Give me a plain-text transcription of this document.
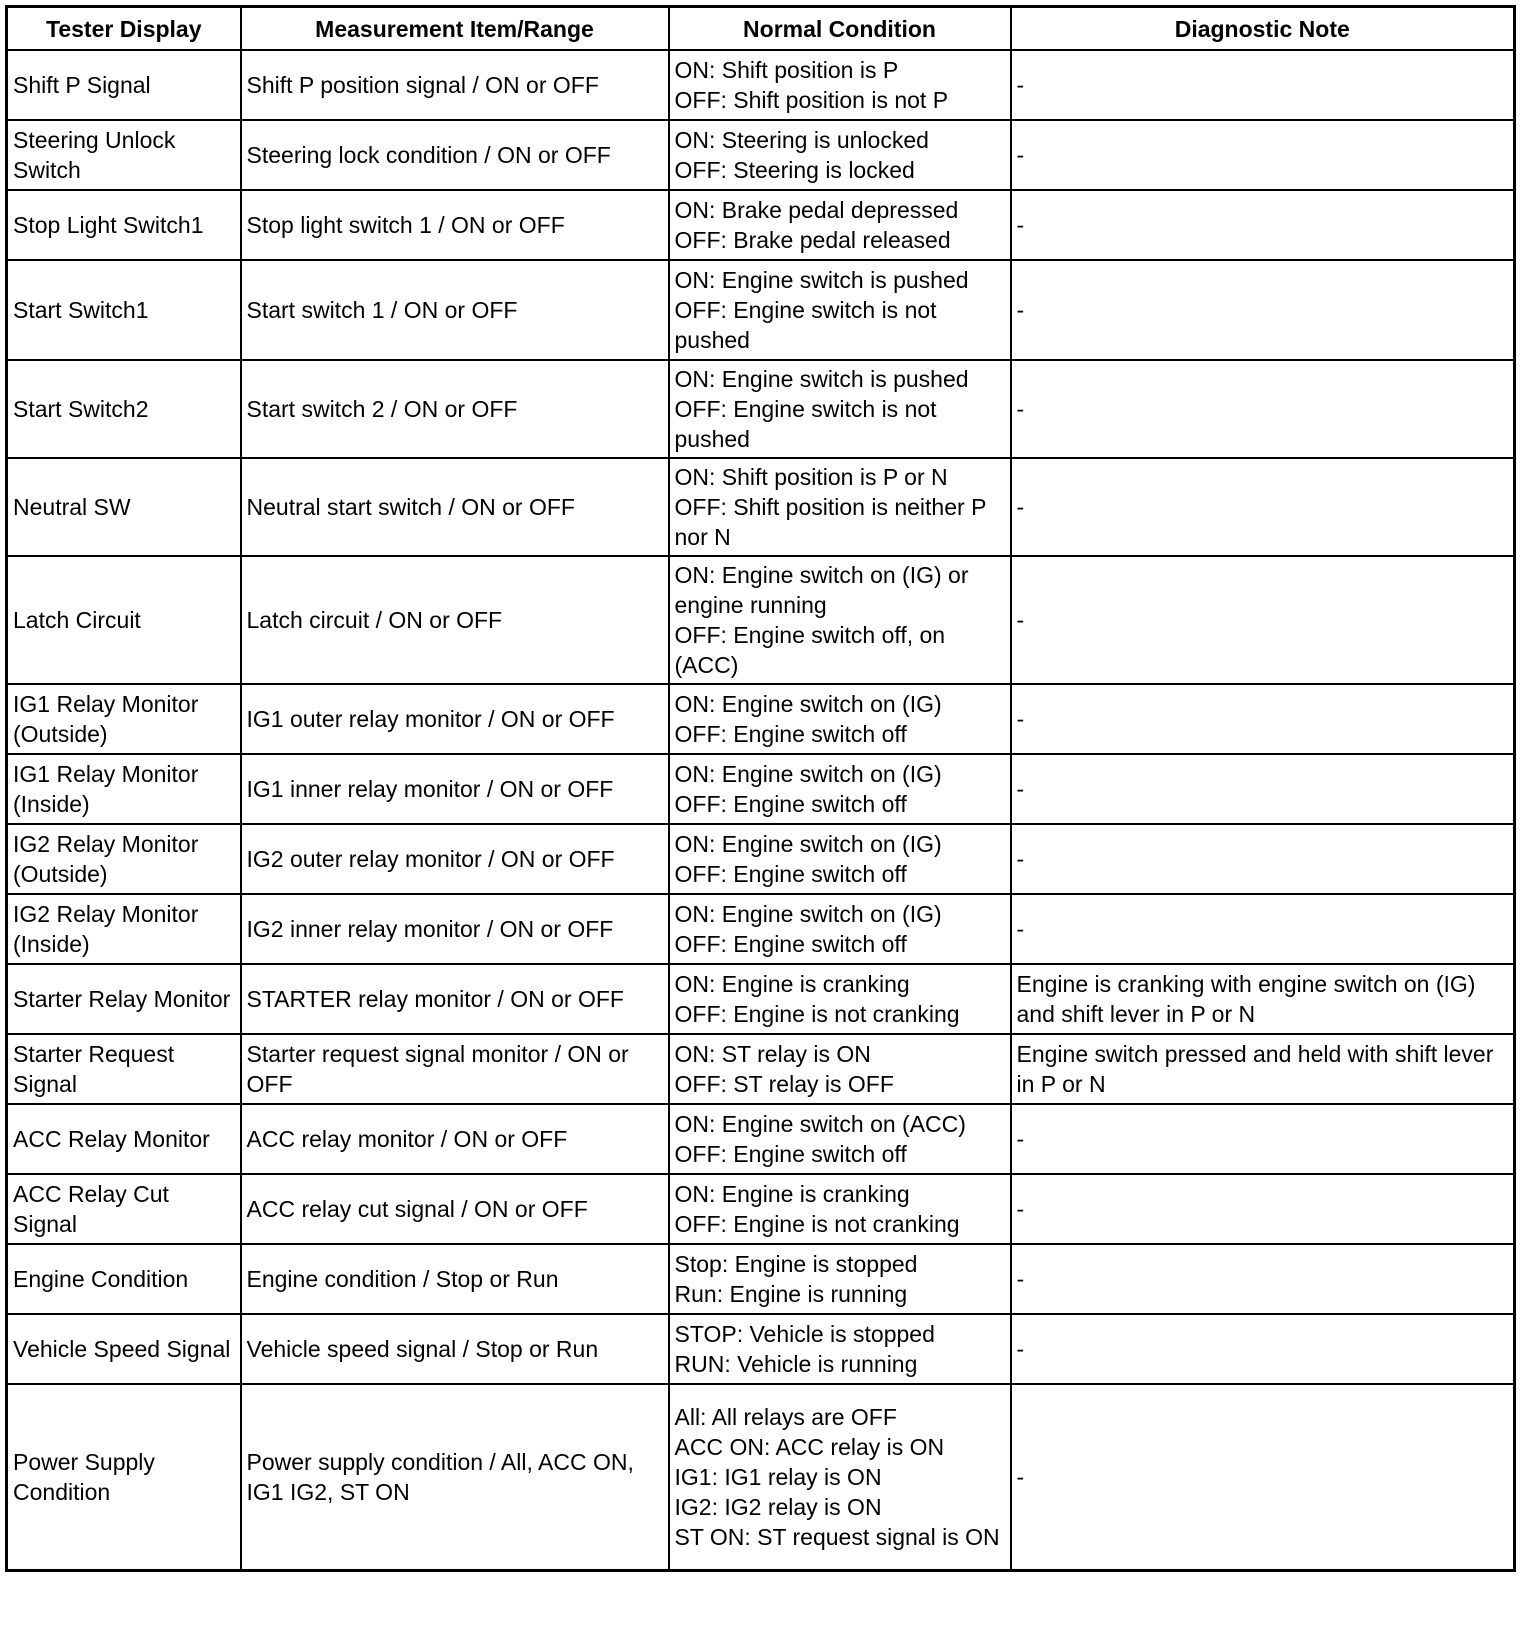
Tester Display	Measurement Item/Range	Normal Condition	Diagnostic Note
Shift P Signal	Shift P position signal / ON or OFF	ON: Shift position is P
OFF: Shift position is not P	-
Steering Unlock Switch	Steering lock condition / ON or OFF	ON: Steering is unlocked
OFF: Steering is locked	-
Stop Light Switch1	Stop light switch 1 / ON or OFF	ON: Brake pedal depressed
OFF: Brake pedal released	-
Start Switch1	Start switch 1 / ON or OFF	ON: Engine switch is pushed
OFF: Engine switch is not pushed	-
Start Switch2	Start switch 2 / ON or OFF	ON: Engine switch is pushed
OFF: Engine switch is not pushed	-
Neutral SW	Neutral start switch / ON or OFF	ON: Shift position is P or N
OFF: Shift position is neither P nor N	-
Latch Circuit	Latch circuit / ON or OFF	ON: Engine switch on (IG) or engine running
OFF: Engine switch off, on (ACC)	-
IG1 Relay Monitor (Outside)	IG1 outer relay monitor / ON or OFF	ON: Engine switch on (IG)
OFF: Engine switch off	-
IG1 Relay Monitor (Inside)	IG1 inner relay monitor / ON or OFF	ON: Engine switch on (IG)
OFF: Engine switch off	-
IG2 Relay Monitor (Outside)	IG2 outer relay monitor / ON or OFF	ON: Engine switch on (IG)
OFF: Engine switch off	-
IG2 Relay Monitor (Inside)	IG2 inner relay monitor / ON or OFF	ON: Engine switch on (IG)
OFF: Engine switch off	-
Starter Relay Monitor	STARTER relay monitor / ON or OFF	ON: Engine is cranking
OFF: Engine is not cranking	Engine is cranking with engine switch on (IG) and shift lever in P or N
Starter Request Signal	Starter request signal monitor / ON or OFF	ON: ST relay is ON
OFF: ST relay is OFF	Engine switch pressed and held with shift lever in P or N
ACC Relay Monitor	ACC relay monitor / ON or OFF	ON: Engine switch on (ACC)
OFF: Engine switch off	-
ACC Relay Cut Signal	ACC relay cut signal / ON or OFF	ON: Engine is cranking
OFF: Engine is not cranking	-
Engine Condition	Engine condition / Stop or Run	Stop: Engine is stopped
Run: Engine is running	-
Vehicle Speed Signal	Vehicle speed signal / Stop or Run	STOP: Vehicle is stopped
RUN: Vehicle is running	-
Power Supply Condition	Power supply condition / All, ACC ON, IG1 IG2, ST ON	All: All relays are OFF
ACC ON: ACC relay is ON
IG1: IG1 relay is ON
IG2: IG2 relay is ON
ST ON: ST request signal is ON	-
